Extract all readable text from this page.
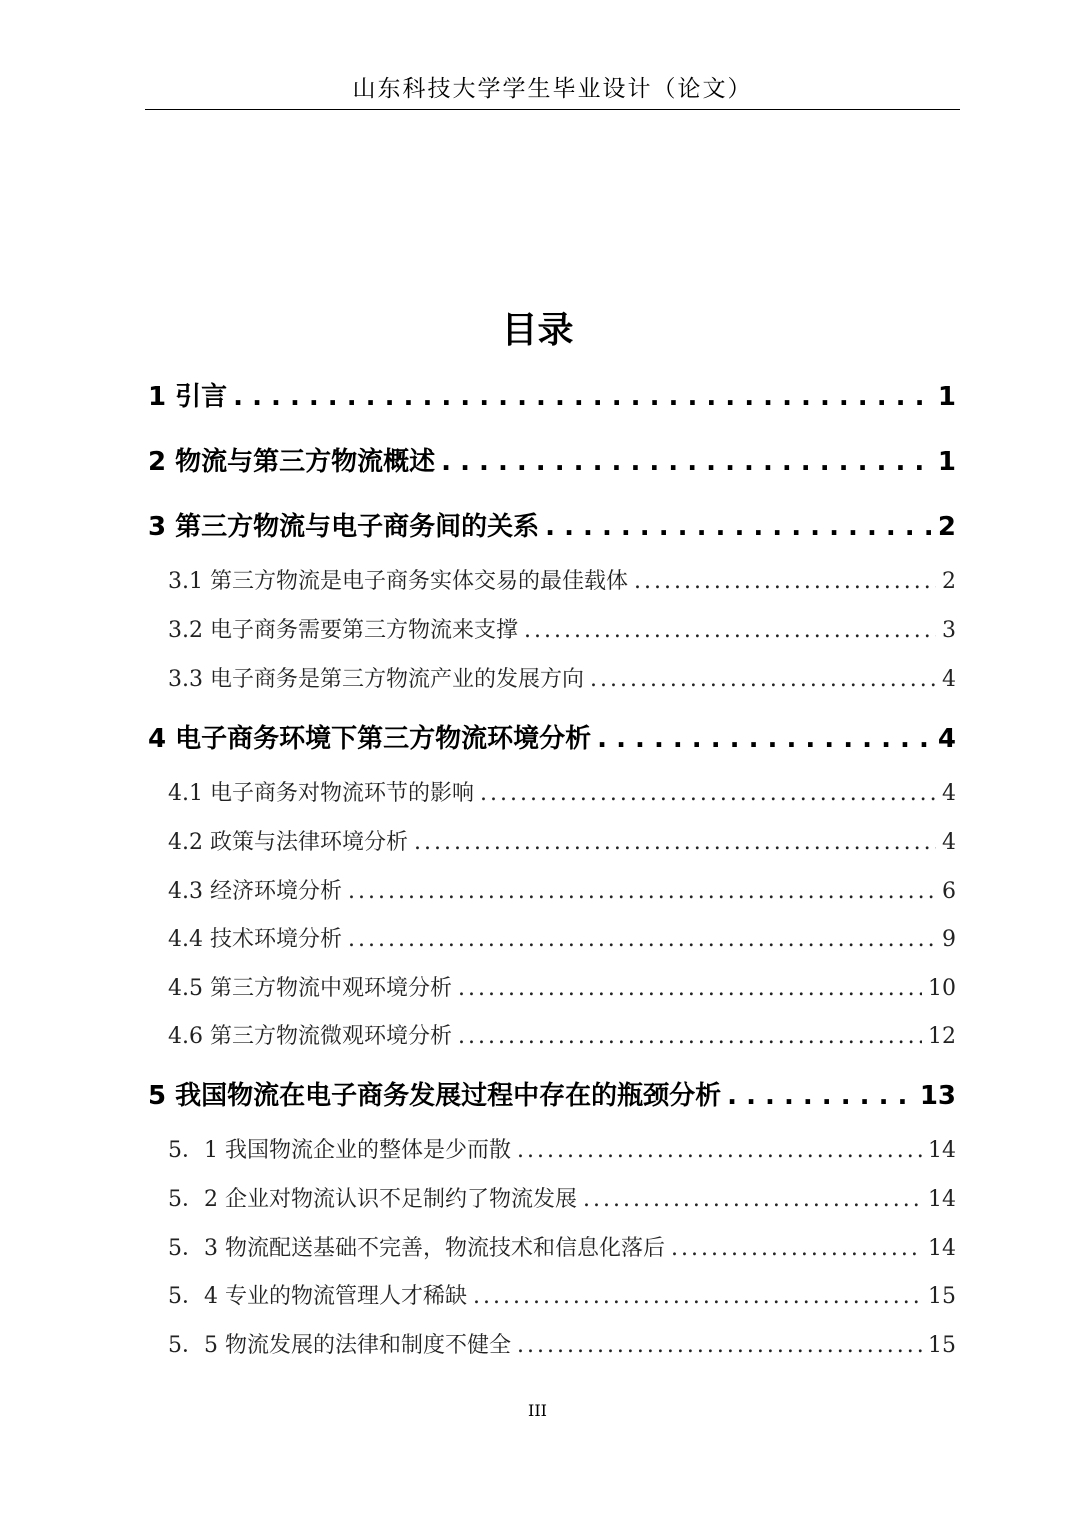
山东科技大学学生毕业设计（论文）
目录
1 引言 . . .	1
2 物流与第三方物流概述 . . .	1
3 第三方物流与电子商务间的关系 . . .	2
3.1 第三方物流是电子商务实体交易的最佳载体 .....	2
3.2 电子商务需要第三方物流来支撑 .....	3
3.3 电子商务是第三方物流产业的发展方向 .....	4
4 电子商务环境下第三方物流环境分析 . . .	4
4.1 电子商务对物流环节的影响 .....	4
4.2 政策与法律环境分析 .....	4
4.3 经济环境分析 .....	6
4.4 技术环境分析 .....	9
4.5 第三方物流中观环境分析 .....	10
4.6 第三方物流微观环境分析 .....	12
5 我国物流在电子商务发展过程中存在的瓶颈分析 . . .	13
5．1 我国物流企业的整体是少而散 .....	14
5．2 企业对物流认识不足制约了物流发展 .....	14
5．3 物流配送基础不完善，物流技术和信息化落后 .....	14
5．4 专业的物流管理人才稀缺 .....	15
5．5 物流发展的法律和制度不健全 .....	15
III
